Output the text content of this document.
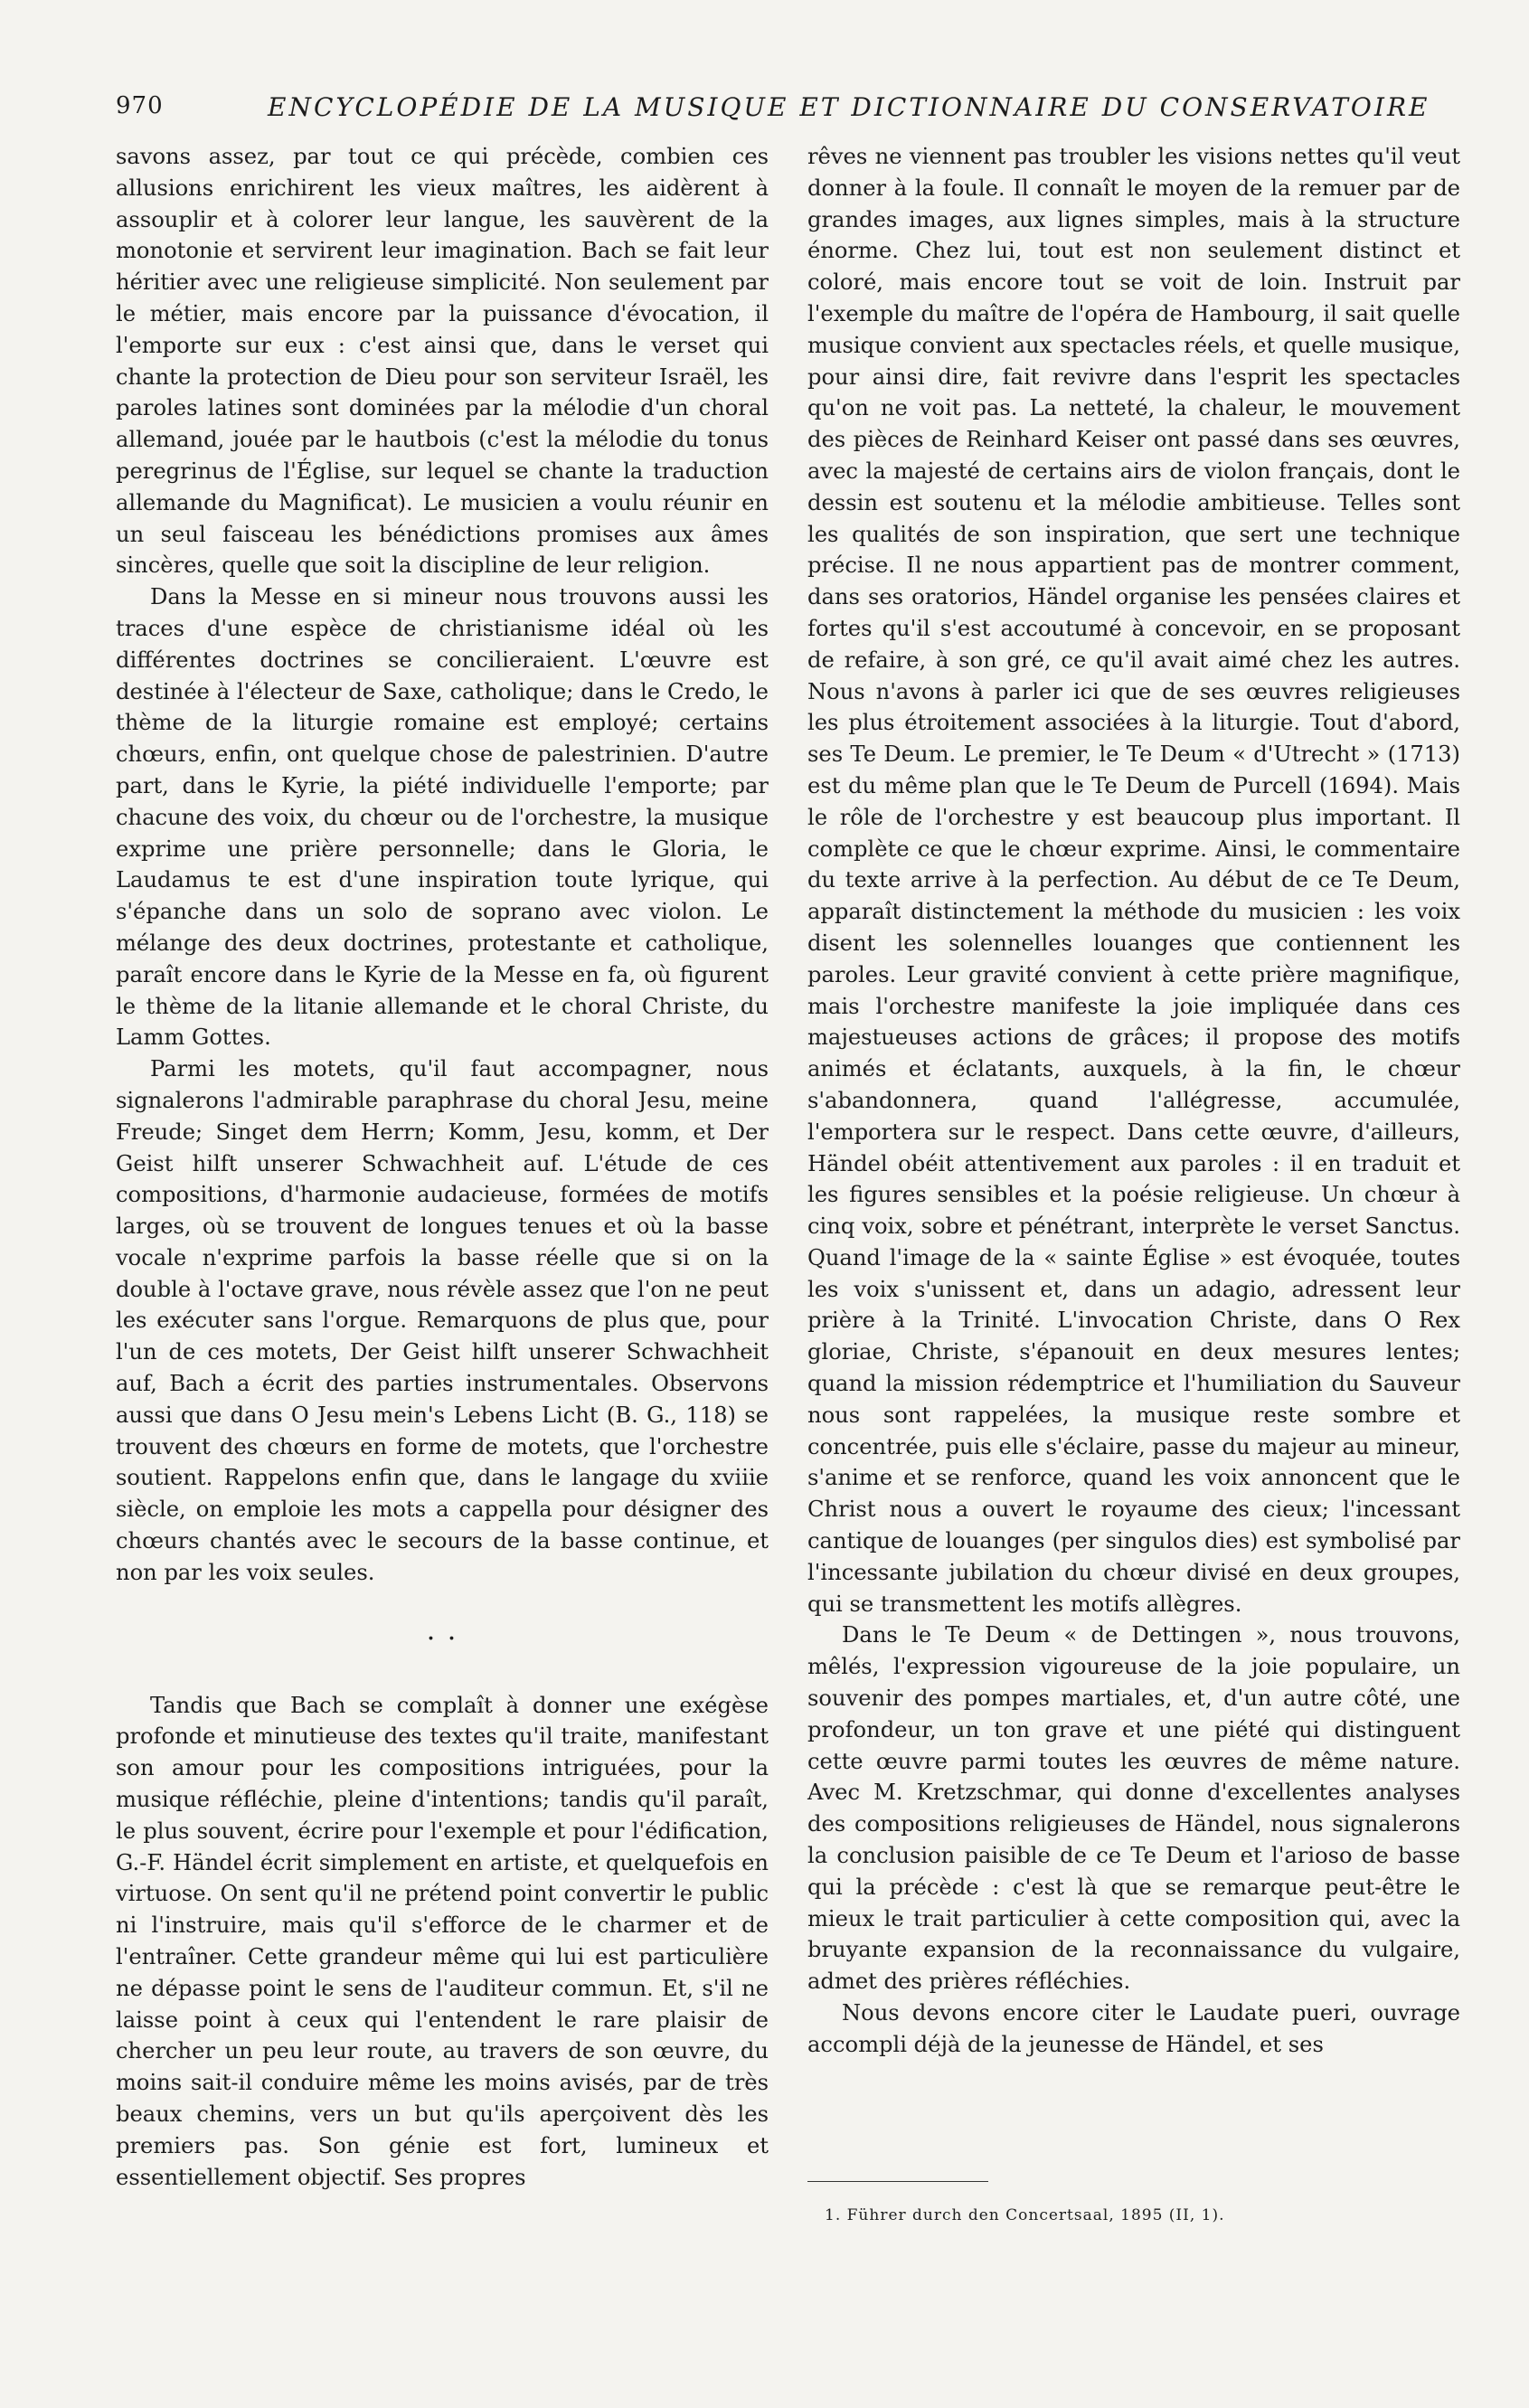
970	ENCYCLOPÉDIE DE LA MUSIQUE ET DICTIONNAIRE DU CONSERVATOIRE

savons assez, par tout ce qui précède, combien ces allusions enrichirent les vieux maîtres, les aidèrent à assouplir et à colorer leur langue, les sauvèrent de la monotonie et servirent leur imagination. Bach se fait leur héritier avec une religieuse simplicité. Non seulement par le métier, mais encore par la puissance d'évocation, il l'emporte sur eux : c'est ainsi que, dans le verset qui chante la protection de Dieu pour son serviteur Israël, les paroles latines sont dominées par la mélodie d'un choral allemand, jouée par le hautbois (c'est la mélodie du tonus peregrinus de l'Église, sur lequel se chante la traduction allemande du Magnificat). Le musicien a voulu réunir en un seul faisceau les bénédictions promises aux âmes sincères, quelle que soit la discipline de leur religion.

Dans la Messe en si mineur nous trouvons aussi les traces d'une espèce de christianisme idéal où les différentes doctrines se concilieraient. L'œuvre est destinée à l'électeur de Saxe, catholique; dans le Credo, le thème de la liturgie romaine est employé; certains chœurs, enfin, ont quelque chose de palestrinien. D'autre part, dans le Kyrie, la piété individuelle l'emporte; par chacune des voix, du chœur ou de l'orchestre, la musique exprime une prière personnelle; dans le Gloria, le Laudamus te est d'une inspiration toute lyrique, qui s'épanche dans un solo de soprano avec violon. Le mélange des deux doctrines, protestante et catholique, paraît encore dans le Kyrie de la Messe en fa, où figurent le thème de la litanie allemande et le choral Christe, du Lamm Gottes.

Parmi les motets, qu'il faut accompagner, nous signalerons l'admirable paraphrase du choral Jesu, meine Freude; Singet dem Herrn; Komm, Jesu, komm, et Der Geist hilft unserer Schwachheit auf. L'étude de ces compositions, d'harmonie audacieuse, formées de motifs larges, où se trouvent de longues tenues et où la basse vocale n'exprime parfois la basse réelle que si on la double à l'octave grave, nous révèle assez que l'on ne peut les exécuter sans l'orgue. Remarquons de plus que, pour l'un de ces motets, Der Geist hilft unserer Schwachheit auf, Bach a écrit des parties instrumentales. Observons aussi que dans O Jesu mein's Lebens Licht (B. G., 118) se trouvent des chœurs en forme de motets, que l'orchestre soutient. Rappelons enfin que, dans le langage du xviiie siècle, on emploie les mots a cappella pour désigner des chœurs chantés avec le secours de la basse continue, et non par les voix seules.

· ·

Tandis que Bach se complaît à donner une exégèse profonde et minutieuse des textes qu'il traite, manifestant son amour pour les compositions intriguées, pour la musique réfléchie, pleine d'intentions; tandis qu'il paraît, le plus souvent, écrire pour l'exemple et pour l'édification, G.-F. Händel écrit simplement en artiste, et quelquefois en virtuose. On sent qu'il ne prétend point convertir le public ni l'instruire, mais qu'il s'efforce de le charmer et de l'entraîner. Cette grandeur même qui lui est particulière ne dépasse point le sens de l'auditeur commun. Et, s'il ne laisse point à ceux qui l'entendent le rare plaisir de chercher un peu leur route, au travers de son œuvre, du moins sait-il conduire même les moins avisés, par de très beaux chemins, vers un but qu'ils aperçoivent dès les premiers pas. Son génie est fort, lumineux et essentiellement objectif. Ses propres

rêves ne viennent pas troubler les visions nettes qu'il veut donner à la foule. Il connaît le moyen de la remuer par de grandes images, aux lignes simples, mais à la structure énorme. Chez lui, tout est non seulement distinct et coloré, mais encore tout se voit de loin. Instruit par l'exemple du maître de l'opéra de Hambourg, il sait quelle musique convient aux spectacles réels, et quelle musique, pour ainsi dire, fait revivre dans l'esprit les spectacles qu'on ne voit pas. La netteté, la chaleur, le mouvement des pièces de Reinhard Keiser ont passé dans ses œuvres, avec la majesté de certains airs de violon français, dont le dessin est soutenu et la mélodie ambitieuse. Telles sont les qualités de son inspiration, que sert une technique précise. Il ne nous appartient pas de montrer comment, dans ses oratorios, Händel organise les pensées claires et fortes qu'il s'est accoutumé à concevoir, en se proposant de refaire, à son gré, ce qu'il avait aimé chez les autres. Nous n'avons à parler ici que de ses œuvres religieuses les plus étroitement associées à la liturgie. Tout d'abord, ses Te Deum. Le premier, le Te Deum « d'Utrecht » (1713) est du même plan que le Te Deum de Purcell (1694). Mais le rôle de l'orchestre y est beaucoup plus important. Il complète ce que le chœur exprime. Ainsi, le commentaire du texte arrive à la perfection. Au début de ce Te Deum, apparaît distinctement la méthode du musicien : les voix disent les solennelles louanges que contiennent les paroles. Leur gravité convient à cette prière magnifique, mais l'orchestre manifeste la joie impliquée dans ces majestueuses actions de grâces; il propose des motifs animés et éclatants, auxquels, à la fin, le chœur s'abandonnera, quand l'allégresse, accumulée, l'emportera sur le respect. Dans cette œuvre, d'ailleurs, Händel obéit attentivement aux paroles : il en traduit et les figures sensibles et la poésie religieuse. Un chœur à cinq voix, sobre et pénétrant, interprète le verset Sanctus. Quand l'image de la « sainte Église » est évoquée, toutes les voix s'unissent et, dans un adagio, adressent leur prière à la Trinité. L'invocation Christe, dans O Rex gloriae, Christe, s'épanouit en deux mesures lentes; quand la mission rédemptrice et l'humiliation du Sauveur nous sont rappelées, la musique reste sombre et concentrée, puis elle s'éclaire, passe du majeur au mineur, s'anime et se renforce, quand les voix annoncent que le Christ nous a ouvert le royaume des cieux; l'incessant cantique de louanges (per singulos dies) est symbolisé par l'incessante jubilation du chœur divisé en deux groupes, qui se transmettent les motifs allègres.

Dans le Te Deum « de Dettingen », nous trouvons, mêlés, l'expression vigoureuse de la joie populaire, un souvenir des pompes martiales, et, d'un autre côté, une profondeur, un ton grave et une piété qui distinguent cette œuvre parmi toutes les œuvres de même nature. Avec M. Kretzschmar, qui donne d'excellentes analyses des compositions religieuses de Händel, nous signalerons la conclusion paisible de ce Te Deum et l'arioso de basse qui la précède : c'est là que se remarque peut-être le mieux le trait particulier à cette composition qui, avec la bruyante expansion de la reconnaissance du vulgaire, admet des prières réfléchies.

Nous devons encore citer le Laudate pueri, ouvrage accompli déjà de la jeunesse de Händel, et ses

1. Führer durch den Concertsaal, 1895 (II, 1).
